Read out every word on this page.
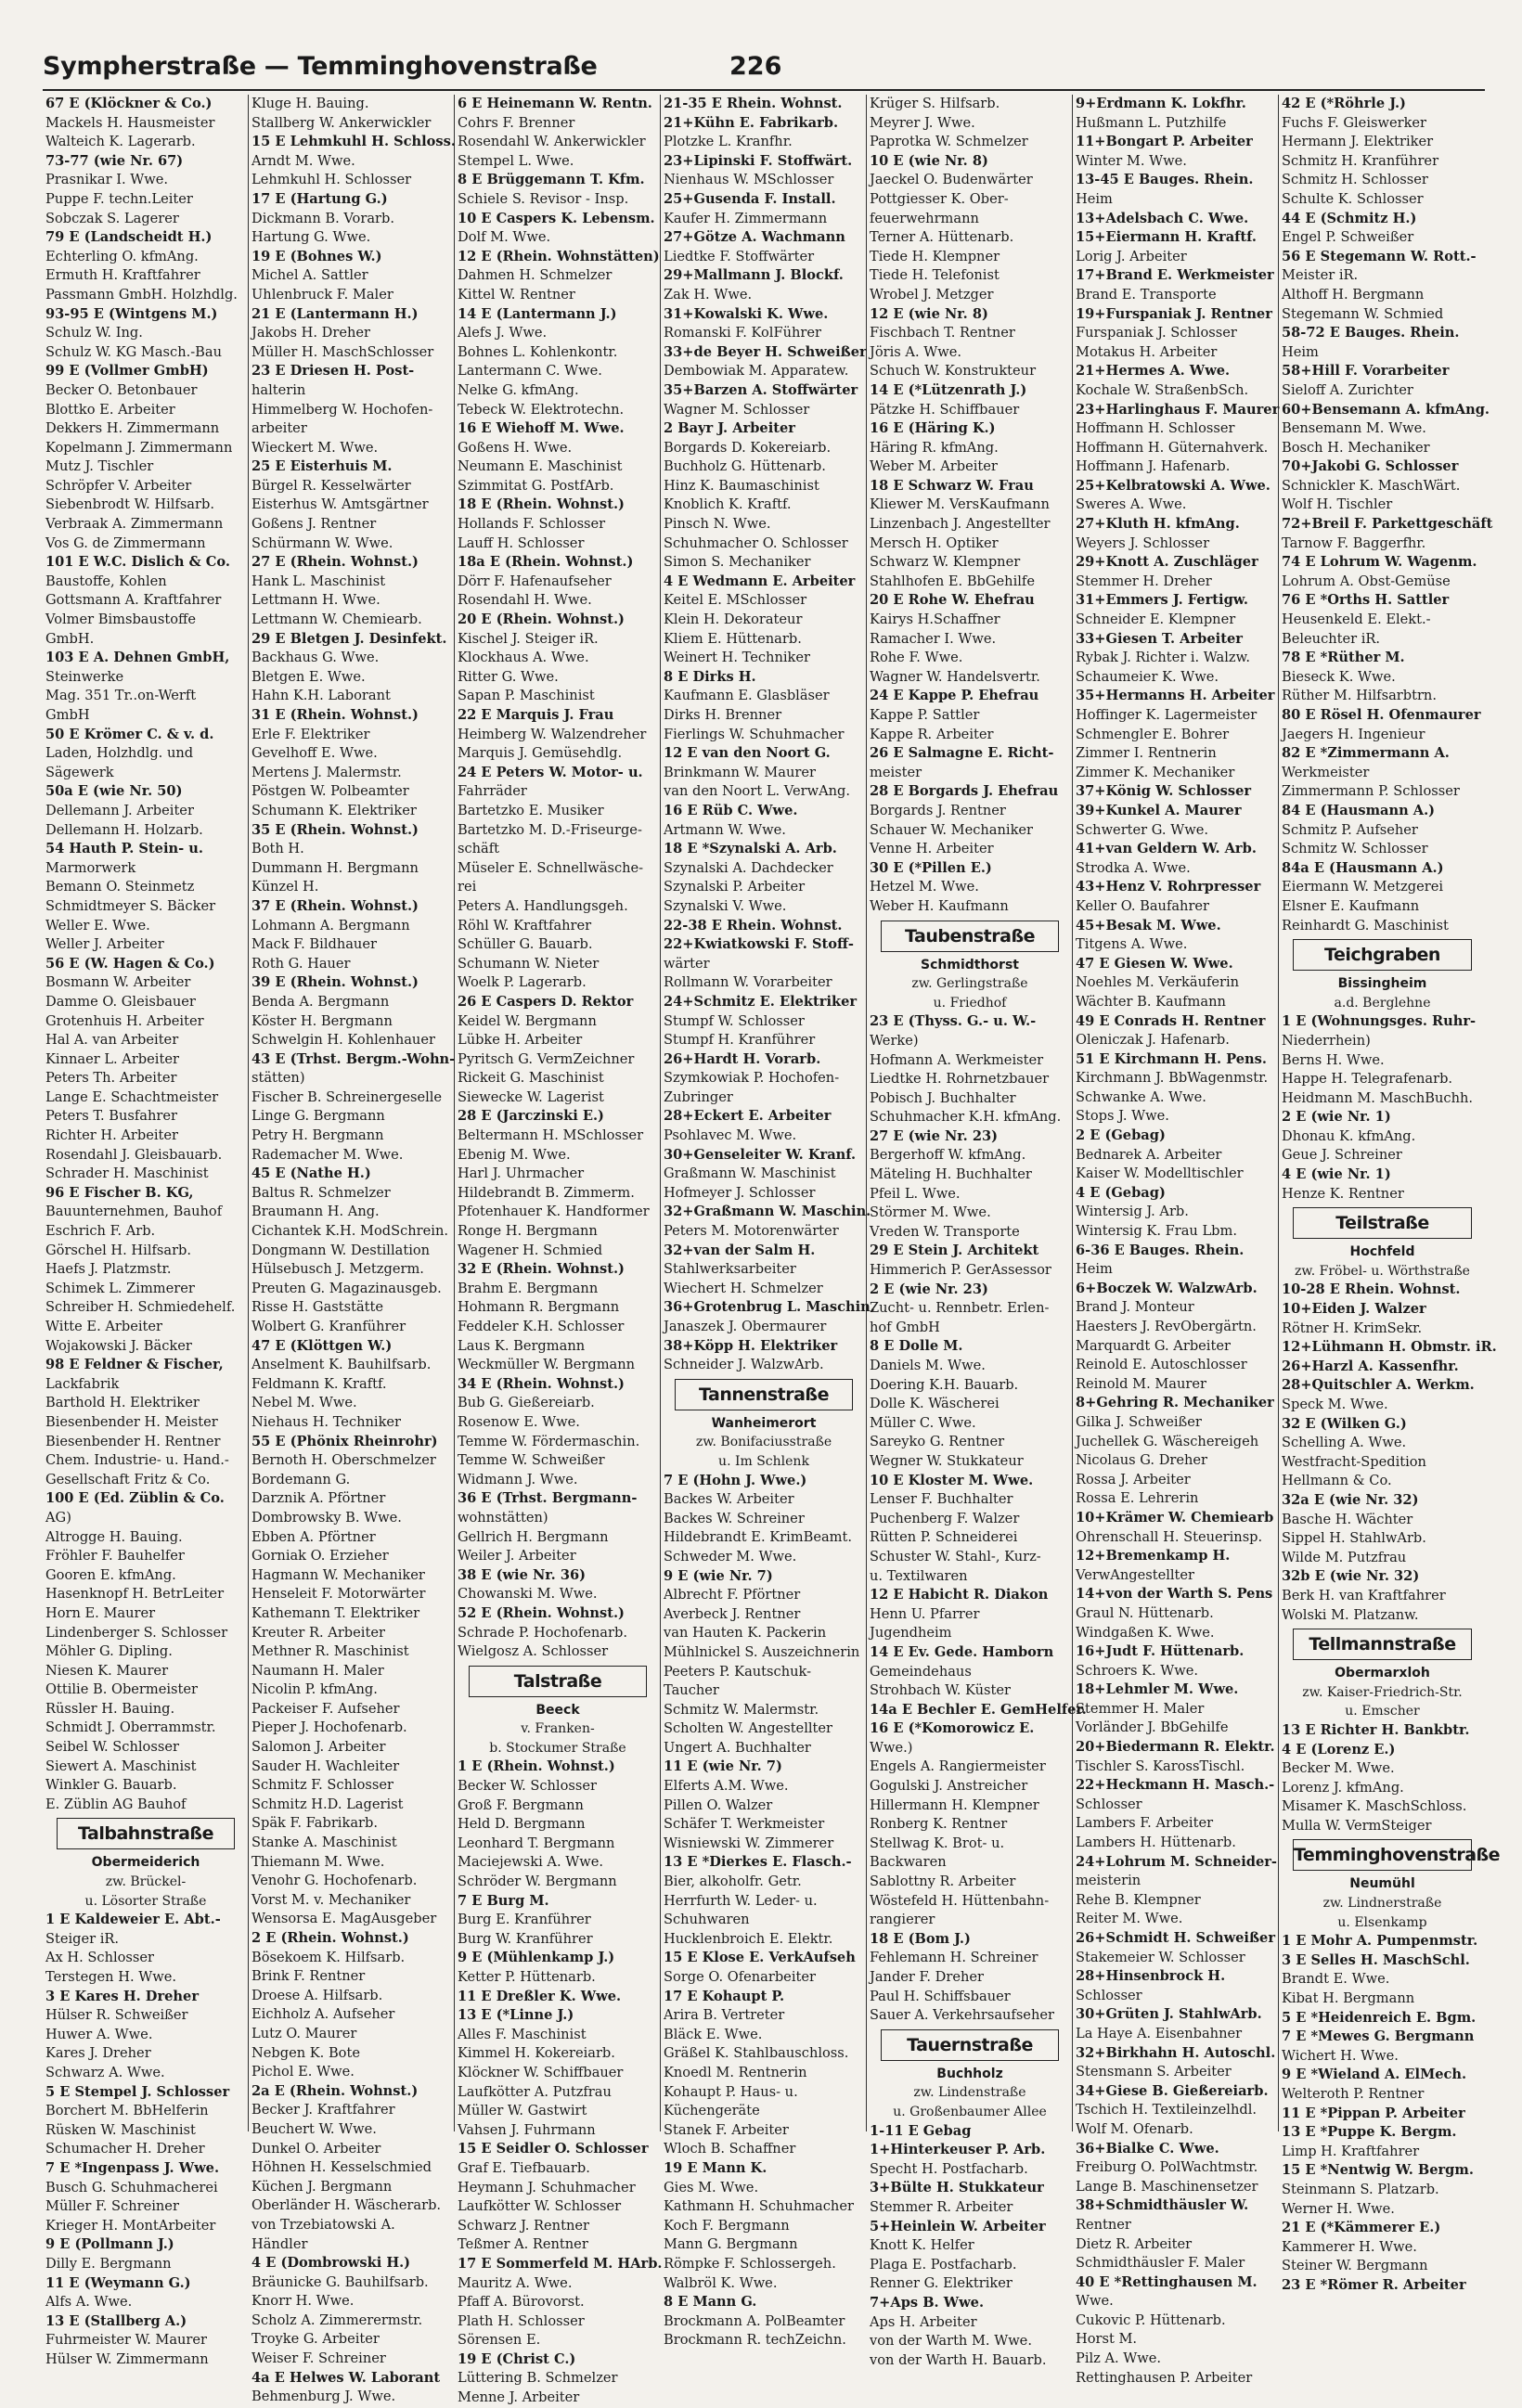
Sympherstraße — Temminghovenstraße	226
67 E (Klöckner & Co.)
Mackels H. Hausmeister
Walteich K. Lagerarb.
73-77 (wie Nr. 67)
Prasnikar I. Wwe.
Puppe F. techn.Leiter
Sobczak S. Lagerer
79 E (Landscheidt H.)
Echterling O. kfmAng.
Ermuth H. Kraftfahrer
Passmann GmbH. Holzhdlg.
93-95 E (Wintgens M.)
Schulz W. Ing.
Schulz W. KG Masch.-Bau
99 E (Vollmer GmbH)
Becker O. Betonbauer
Blottko E. Arbeiter
Dekkers H. Zimmermann
Kopelmann J. Zimmermann
Mutz J. Tischler
Schröpfer V. Arbeiter
Siebenbrodt W. Hilfsarb.
Verbraak A. Zimmermann
Vos G. de Zimmermann
101 E W.C. Dislich & Co.
Baustoffe, Kohlen
Gottsmann A. Kraftfahrer
Volmer Bimsbaustoffe
GmbH.
103 E A. Dehnen GmbH,
Steinwerke
Mag. 351 Tr..on-Werft
GmbH
50 E Krömer C. & v. d.
Laden, Holzhdlg. und
Sägewerk
50a E (wie Nr. 50)
Dellemann J. Arbeiter
Dellemann H. Holzarb.
54 Hauth P. Stein- u.
Marmorwerk
Bemann O. Steinmetz
Schmidtmeyer S. Bäcker
Weller E. Wwe.
Weller J. Arbeiter
56 E (W. Hagen & Co.)
Bosmann W. Arbeiter
Damme O. Gleisbauer
Grotenhuis H. Arbeiter
Hal A. van Arbeiter
Kinnaer L. Arbeiter
Peters Th. Arbeiter
Lange E. Schachtmeister
Peters T. Busfahrer
Richter H. Arbeiter
Rosendahl J. Gleisbauarb.
Schrader H. Maschinist
96 E Fischer B. KG,
Bauunternehmen, Bauhof
Eschrich F. Arb.
Görschel H. Hilfsarb.
Haefs J. Platzmstr.
Schimek L. Zimmerer
Schreiber H. Schmiedehelf.
Witte E. Arbeiter
Wojakowski J. Bäcker
98 E Feldner & Fischer,
Lackfabrik
Barthold H. Elektriker
Biesenbender H. Meister
Biesenbender H. Rentner
Chem. Industrie- u. Hand.-
Gesellschaft Fritz & Co.
100 E (Ed. Züblin & Co.
AG)
Altrogge H. Bauing.
Fröhler F. Bauhelfer
Gooren E. kfmAng.
Hasenknopf H. BetrLeiter
Horn E. Maurer
Lindenberger S. Schlosser
Möhler G. Dipling.
Niesen K. Maurer
Ottilie B. Obermeister
Rüssler H. Bauing.
Schmidt J. Oberrammstr.
Seibel W. Schlosser
Siewert A. Maschinist
Winkler G. Bauarb.
E. Züblin AG Bauhof
Talbahnstraße
Obermeiderich
zw. Brückel-
u. Lösorter Straße
1 E Kaldeweier E. Abt.-
Steiger iR.
Ax H. Schlosser
Terstegen H. Wwe.
3 E Kares H. Dreher
Hülser R. Schweißer
Huwer A. Wwe.
Kares J. Dreher
Schwarz A. Wwe.
5 E Stempel J. Schlosser
Borchert M. BbHelferin
Rüsken W. Maschinist
Schumacher H. Dreher
7 E *Ingenpass J. Wwe.
Busch G. Schuhmacherei
Müller F. Schreiner
Krieger H. MontArbeiter
9 E (Pollmann J.)
Dilly E. Bergmann
11 E (Weymann G.)
Alfs A. Wwe.
13 E (Stallberg A.)
Fuhrmeister W. Maurer
Hülser W. Zimmermann
Kluge H. Bauing.
Stallberg W. Ankerwickler
15 E Lehmkuhl H. Schloss.
Arndt M. Wwe.
Lehmkuhl H. Schlosser
17 E (Hartung G.)
Dickmann B. Vorarb.
Hartung G. Wwe.
19 E (Bohnes W.)
Michel A. Sattler
Uhlenbruck F. Maler
21 E (Lantermann H.)
Jakobs H. Dreher
Müller H. MaschSchlosser
23 E Driesen H. Post-
halterin
Himmelberg W. Hochofen-
arbeiter
Wieckert M. Wwe.
25 E Eisterhuis M.
Bürgel R. Kesselwärter
Eisterhus W. Amtsgärtner
Goßens J. Rentner
Schürmann W. Wwe.
27 E (Rhein. Wohnst.)
Hank L. Maschinist
Lettmann H. Wwe.
Lettmann W. Chemiearb.
29 E Bletgen J. Desinfekt.
Backhaus G. Wwe.
Bletgen E. Wwe.
Hahn K.H. Laborant
31 E (Rhein. Wohnst.)
Erle F. Elektriker
Gevelhoff E. Wwe.
Mertens J. Malermstr.
Pöstgen W. Polbeamter
Schumann K. Elektriker
35 E (Rhein. Wohnst.)
Both H.
Dummann H. Bergmann
Künzel H.
37 E (Rhein. Wohnst.)
Lohmann A. Bergmann
Mack F. Bildhauer
Roth G. Hauer
39 E (Rhein. Wohnst.)
Benda A. Bergmann
Köster H. Bergmann
Schwelgin H. Kohlenhauer
43 E (Trhst. Bergm.-Wohn-
stätten)
Fischer B. Schreinergeselle
Linge G. Bergmann
Petry H. Bergmann
Rademacher M. Wwe.
45 E (Nathe H.)
Baltus R. Schmelzer
Braumann H. Ang.
Cichantek K.H. ModSchrein.
Dongmann W. Destillation
Hülsebusch J. Metzgerm.
Preuten G. Magazinausgeb.
Risse H. Gaststätte
Wolbert G. Kranführer
47 E (Klöttgen W.)
Anselment K. Bauhilfsarb.
Feldmann K. Kraftf.
Nebel M. Wwe.
Niehaus H. Techniker
55 E (Phönix Rheinrohr)
Bernoth H. Oberschmelzer
Bordemann G.
Darznik A. Pförtner
Dombrowsky B. Wwe.
Ebben A. Pförtner
Gorniak O. Erzieher
Hagmann W. Mechaniker
Henseleit F. Motorwärter
Kathemann T. Elektriker
Kreuter R. Arbeiter
Methner R. Maschinist
Naumann H. Maler
Nicolin P. kfmAng.
Packeiser F. Aufseher
Pieper J. Hochofenarb.
Salomon J. Arbeiter
Sauder H. Wachleiter
Schmitz F. Schlosser
Schmitz H.D. Lagerist
Späk F. Fabrikarb.
Stanke A. Maschinist
Thiemann M. Wwe.
Venohr G. Hochofenarb.
Vorst M. v. Mechaniker
Wensorsa E. MagAusgeber
2 E (Rhein. Wohnst.)
Bösekoem K. Hilfsarb.
Brink F. Rentner
Droese A. Hilfsarb.
Eichholz A. Aufseher
Lutz O. Maurer
Nebgen K. Bote
Pichol E. Wwe.
2a E (Rhein. Wohnst.)
Becker J. Kraftfahrer
Beuchert W. Wwe.
Dunkel O. Arbeiter
Höhnen H. Kesselschmied
Küchen J. Bergmann
Oberländer H. Wäscherarb.
von Trzebiatowski A.
Händler
4 E (Dombrowski H.)
Bräunicke G. Bauhilfsarb.
Knorr H. Wwe.
Scholz A. Zimmerermstr.
Troyke G. Arbeiter
Weiser F. Schreiner
4a E Helwes W. Laborant
Behmenburg J. Wwe.
6 E Heinemann W. Rentn.
Cohrs F. Brenner
Rosendahl W. Ankerwickler
Stempel L. Wwe.
8 E Brüggemann T. Kfm.
Schiele S. Revisor - Insp.
10 E Caspers K. Lebensm.
Dolf M. Wwe.
12 E (Rhein. Wohnstätten)
Dahmen H. Schmelzer
Kittel W. Rentner
14 E (Lantermann J.)
Alefs J. Wwe.
Bohnes L. Kohlenkontr.
Lantermann C. Wwe.
Nelke G. kfmAng.
Tebeck W. Elektrotechn.
16 E Wiehoff M. Wwe.
Goßens H. Wwe.
Neumann E. Maschinist
Szimmitat G. PostfArb.
18 E (Rhein. Wohnst.)
Hollands F. Schlosser
Lauff H. Schlosser
18a E (Rhein. Wohnst.)
Dörr F. Hafenaufseher
Rosendahl H. Wwe.
20 E (Rhein. Wohnst.)
Kischel J. Steiger iR.
Klockhaus A. Wwe.
Ritter G. Wwe.
Sapan P. Maschinist
22 E Marquis J. Frau
Heimberg W. Walzendreher
Marquis J. Gemüsehdlg.
24 E Peters W. Motor- u.
Fahrräder
Bartetzko E. Musiker
Bartetzko M. D.-Friseurge-
schäft
Müseler E. Schnellwäsche-
rei
Peters A. Handlungsgeh.
Röhl W. Kraftfahrer
Schüller G. Bauarb.
Schumann W. Nieter
Woelk P. Lagerarb.
26 E Caspers D. Rektor
Keidel W. Bergmann
Lübke H. Arbeiter
Pyritsch G. VermZeichner
Rickeit G. Maschinist
Siewecke W. Lagerist
28 E (Jarczinski E.)
Beltermann H. MSchlosser
Ebenig M. Wwe.
Harl J. Uhrmacher
Hildebrandt B. Zimmerm.
Pfotenhauer K. Handformer
Ronge H. Bergmann
Wagener H. Schmied
32 E (Rhein. Wohnst.)
Brahm E. Bergmann
Hohmann R. Bergmann
Feddeler K.H. Schlosser
Laus K. Bergmann
Weckmüller W. Bergmann
34 E (Rhein. Wohnst.)
Bub G. Gießereiarb.
Rosenow E. Wwe.
Temme W. Fördermaschin.
Temme W. Schweißer
Widmann J. Wwe.
36 E (Trhst. Bergmann-
wohnstätten)
Gellrich H. Bergmann
Weiler J. Arbeiter
38 E (wie Nr. 36)
Chowanski M. Wwe.
52 E (Rhein. Wohnst.)
Schrade P. Hochofenarb.
Wielgosz A. Schlosser
Talstraße
Beeck
v. Franken-
b. Stockumer Straße
1 E (Rhein. Wohnst.)
Becker W. Schlosser
Groß F. Bergmann
Held D. Bergmann
Leonhard T. Bergmann
Maciejewski A. Wwe.
Schröder W. Bergmann
7 E Burg M.
Burg E. Kranführer
Burg W. Kranführer
9 E (Mühlenkamp J.)
Ketter P. Hüttenarb.
11 E Dreßler K. Wwe.
13 E (*Linne J.)
Alles F. Maschinist
Kimmel H. Kokereiarb.
Klöckner W. Schiffbauer
Laufkötter A. Putzfrau
Müller W. Gastwirt
Vahsen J. Fuhrmann
15 E Seidler O. Schlosser
Graf E. Tiefbauarb.
Heymann J. Schuhmacher
Laufkötter W. Schlosser
Schwarz J. Rentner
Teßmer A. Rentner
17 E Sommerfeld M. HArb.
Mauritz A. Wwe.
Pfaff A. Bürovorst.
Plath H. Schlosser
Sörensen E.
19 E (Christ C.)
Lüttering B. Schmelzer
Menne J. Arbeiter
21-35 E Rhein. Wohnst.
21+Kühn E. Fabrikarb.
Plotzke L. Kranfhr.
23+Lipinski F. Stoffwärt.
Nienhaus W. MSchlosser
25+Gusenda F. Install.
Kaufer H. Zimmermann
27+Götze A. Wachmann
Liedtke F. Stoffwärter
29+Mallmann J. Blockf.
Zak H. Wwe.
31+Kowalski K. Wwe.
Romanski F. KolFührer
33+de Beyer H. Schweißer
Dembowiak M. Apparatew.
35+Barzen A. Stoffwärter
Wagner M. Schlosser
2 Bayr J. Arbeiter
Borgards D. Kokereiarb.
Buchholz G. Hüttenarb.
Hinz K. Baumaschinist
Knoblich K. Kraftf.
Pinsch N. Wwe.
Schuhmacher O. Schlosser
Simon S. Mechaniker
4 E Wedmann E. Arbeiter
Keitel E. MSchlosser
Klein H. Dekorateur
Kliem E. Hüttenarb.
Weinert H. Techniker
8 E Dirks H.
Kaufmann E. Glasbläser
Dirks H. Brenner
Fierlings W. Schuhmacher
12 E van den Noort G.
Brinkmann W. Maurer
van den Noort L. VerwAng.
16 E Rüb C. Wwe.
Artmann W. Wwe.
18 E *Szynalski A. Arb.
Szynalski A. Dachdecker
Szynalski P. Arbeiter
Szynalski V. Wwe.
22-38 E Rhein. Wohnst.
22+Kwiatkowski F. Stoff-
wärter
Rollmann W. Vorarbeiter
24+Schmitz E. Elektriker
Stumpf W. Schlosser
Stumpf H. Kranführer
26+Hardt H. Vorarb.
Szymkowiak P. Hochofen-
Zubringer
28+Eckert E. Arbeiter
Psohlavec M. Wwe.
30+Genseleiter W. Kranf.
Graßmann W. Maschinist
Hofmeyer J. Schlosser
32+Graßmann W. Maschin.
Peters M. Motorenwärter
32+van der Salm H.
Stahlwerksarbeiter
Wiechert H. Schmelzer
36+Grotenbrug L. Maschin.
Janaszek J. Obermaurer
38+Köpp H. Elektriker
Schneider J. WalzwArb.
Tannenstraße
Wanheimerort
zw. Bonifaciusstraße
u. Im Schlenk
7 E (Hohn J. Wwe.)
Backes W. Arbeiter
Backes W. Schreiner
Hildebrandt E. KrimBeamt.
Schweder M. Wwe.
9 E (wie Nr. 7)
Albrecht F. Pförtner
Averbeck J. Rentner
van Hauten K. Packerin
Mühlnickel S. Auszeichnerin
Peeters P. Kautschuk-
Taucher
Schmitz W. Malermstr.
Scholten W. Angestellter
Ungert A. Buchhalter
11 E (wie Nr. 7)
Elferts A.M. Wwe.
Pillen O. Walzer
Schäfer T. Werkmeister
Wisniewski W. Zimmerer
13 E *Dierkes E. Flasch.-
Bier, alkoholfr. Getr.
Herrfurth W. Leder- u.
Schuhwaren
Hucklenbroich E. Elektr.
15 E Klose E. VerkAufseh
Sorge O. Ofenarbeiter
17 E Kohaupt P.
Arira B. Vertreter
Bläck E. Wwe.
Gräßel K. Stahlbauschloss.
Knoedl M. Rentnerin
Kohaupt P. Haus- u.
Küchengeräte
Stanek F. Arbeiter
Wloch B. Schaffner
19 E Mann K.
Gies M. Wwe.
Kathmann H. Schuhmacher
Koch F. Bergmann
Mann G. Bergmann
Römpke F. Schlossergeh.
Walbröl K. Wwe.
8 E Mann G.
Brockmann A. PolBeamter
Brockmann R. techZeichn.
Krüger S. Hilfsarb.
Meyrer J. Wwe.
Paprotka W. Schmelzer
10 E (wie Nr. 8)
Jaeckel O. Budenwärter
Pottgiesser K. Ober-
feuerwehrmann
Terner A. Hüttenarb.
Tiede H. Klempner
Tiede H. Telefonist
Wrobel J. Metzger
12 E (wie Nr. 8)
Fischbach T. Rentner
Jöris A. Wwe.
Schuch W. Konstrukteur
14 E (*Lützenrath J.)
Pätzke H. Schiffbauer
16 E (Häring K.)
Häring R. kfmAng.
Weber M. Arbeiter
18 E Schwarz W. Frau
Kliewer M. VersKaufmann
Linzenbach J. Angestellter
Mersch H. Optiker
Schwarz W. Klempner
Stahlhofen E. BbGehilfe
20 E Rohe W. Ehefrau
Kairys H.Schaffner
Ramacher I. Wwe.
Rohe F. Wwe.
Wagner W. Handelsvertr.
24 E Kappe P. Ehefrau
Kappe P. Sattler
Kappe R. Arbeiter
26 E Salmagne E. Richt-
meister
28 E Borgards J. Ehefrau
Borgards J. Rentner
Schauer W. Mechaniker
Venne H. Arbeiter
30 E (*Pillen E.)
Hetzel M. Wwe.
Weber H. Kaufmann
Taubenstraße
Schmidthorst
zw. Gerlingstraße
u. Friedhof
23 E (Thyss. G.- u. W.-
Werke)
Hofmann A. Werkmeister
Liedtke H. Rohrnetzbauer
Pobisch J. Buchhalter
Schuhmacher K.H. kfmAng.
27 E (wie Nr. 23)
Bergerhoff W. kfmAng.
Mäteling H. Buchhalter
Pfeil L. Wwe.
Störmer M. Wwe.
Vreden W. Transporte
29 E Stein J. Architekt
Himmerich P. GerAssessor
2 E (wie Nr. 23)
Zucht- u. Rennbetr. Erlen-
hof GmbH
8 E Dolle M.
Daniels M. Wwe.
Doering K.H. Bauarb.
Dolle K. Wäscherei
Müller C. Wwe.
Sareyko G. Rentner
Wegner W. Stukkateur
10 E Kloster M. Wwe.
Lenser F. Buchhalter
Puchenberg F. Walzer
Rütten P. Schneiderei
Schuster W. Stahl-, Kurz-
u. Textilwaren
12 E Habicht R. Diakon
Henn U. Pfarrer
Jugendheim
14 E Ev. Gede. Hamborn
Gemeindehaus
Strohbach W. Küster
14a E Bechler E. GemHelfer.
16 E (*Komorowicz E.
Wwe.)
Engels A. Rangiermeister
Gogulski J. Anstreicher
Hillermann H. Klempner
Ronberg K. Rentner
Stellwag K. Brot- u.
Backwaren
Sablottny R. Arbeiter
Wöstefeld H. Hüttenbahn-
rangierer
18 E (Bom J.)
Fehlemann H. Schreiner
Jander F. Dreher
Paul H. Schiffsbauer
Sauer A. Verkehrsaufseher
Tauernstraße
Buchholz
zw. Lindenstraße
u. Großenbaumer Allee
1-11 E Gebag
1+Hinterkeuser P. Arb.
Specht H. Postfacharb.
3+Bülte H. Stukkateur
Stemmer R. Arbeiter
5+Heinlein W. Arbeiter
Knott K. Helfer
Plaga E. Postfacharb.
Renner G. Elektriker
7+Aps B. Wwe.
Aps H. Arbeiter
von der Warth M. Wwe.
von der Warth H. Bauarb.
9+Erdmann K. Lokfhr.
Hußmann L. Putzhilfe
11+Bongart P. Arbeiter
Winter M. Wwe.
13-45 E Bauges. Rhein.
Heim
13+Adelsbach C. Wwe.
15+Eiermann H. Kraftf.
Lorig J. Arbeiter
17+Brand E. Werkmeister
Brand E. Transporte
19+Furspaniak J. Rentner
Furspaniak J. Schlosser
Motakus H. Arbeiter
21+Hermes A. Wwe.
Kochale W. StraßenbSch.
23+Harlinghaus F. Maurer
Hoffmann H. Schlosser
Hoffmann H. Güternahverk.
Hoffmann J. Hafenarb.
25+Kelbratowski A. Wwe.
Sweres A. Wwe.
27+Kluth H. kfmAng.
Weyers J. Schlosser
29+Knott A. Zuschläger
Stemmer H. Dreher
31+Emmers J. Fertigw.
Schneider E. Klempner
33+Giesen T. Arbeiter
Rybak J. Richter i. Walzw.
Schaumeier K. Wwe.
35+Hermanns H. Arbeiter
Hoffinger K. Lagermeister
Schmengler E. Bohrer
Zimmer I. Rentnerin
Zimmer K. Mechaniker
37+König W. Schlosser
39+Kunkel A. Maurer
Schwerter G. Wwe.
41+van Geldern W. Arb.
Strodka A. Wwe.
43+Henz V. Rohrpresser
Keller O. Baufahrer
45+Besak M. Wwe.
Titgens A. Wwe.
47 E Giesen W. Wwe.
Noehles M. Verkäuferin
Wächter B. Kaufmann
49 E Conrads H. Rentner
Oleniczak J. Hafenarb.
51 E Kirchmann H. Pens.
Kirchmann J. BbWagenmstr.
Schwanke A. Wwe.
Stops J. Wwe.
2 E (Gebag)
Bednarek A. Arbeiter
Kaiser W. Modelltischler
4 E (Gebag)
Wintersig J. Arb.
Wintersig K. Frau Lbm.
6-36 E Bauges. Rhein.
Heim
6+Boczek W. WalzwArb.
Brand J. Monteur
Haesters J. RevObergärtn.
Marquardt G. Arbeiter
Reinold E. Autoschlosser
Reinold M. Maurer
8+Gehring R. Mechaniker
Gilka J. Schweißer
Juchellek G. Wäschereigeh
Nicolaus G. Dreher
Rossa J. Arbeiter
Rossa E. Lehrerin
10+Krämer W. Chemiearb
Ohrenschall H. Steuerinsp.
12+Bremenkamp H.
VerwAngestellter
14+von der Warth S. Pens
Graul N. Hüttenarb.
Windgaßen K. Wwe.
16+Judt F. Hüttenarb.
Schroers K. Wwe.
18+Lehmler M. Wwe.
Stemmer H. Maler
Vorländer J. BbGehilfe
20+Biedermann R. Elektr.
Tischler S. KarossTischl.
22+Heckmann H. Masch.-
Schlosser
Lambers F. Arbeiter
Lambers H. Hüttenarb.
24+Lohrum M. Schneider-
meisterin
Rehe B. Klempner
Reiter M. Wwe.
26+Schmidt H. Schweißer
Stakemeier W. Schlosser
28+Hinsenbrock H.
Schlosser
30+Grüten J. StahlwArb.
La Haye A. Eisenbahner
32+Birkhahn H. Autoschl.
Stensmann S. Arbeiter
34+Giese B. Gießereiarb.
Tschich H. Textileinzelhdl.
Wolf M. Ofenarb.
36+Bialke C. Wwe.
Freiburg O. PolWachtmstr.
Lange B. Maschinensetzer
38+Schmidthäusler W.
Rentner
Dietz R. Arbeiter
Schmidthäusler F. Maler
40 E *Rettinghausen M.
Wwe.
Cukovic P. Hüttenarb.
Horst M.
Pilz A. Wwe.
Rettinghausen P. Arbeiter
42 E (*Röhrle J.)
Fuchs F. Gleiswerker
Hermann J. Elektriker
Schmitz H. Kranführer
Schmitz H. Schlosser
Schulte K. Schlosser
44 E (Schmitz H.)
Engel P. Schweißer
56 E Stegemann W. Rott.-
Meister iR.
Althoff H. Bergmann
Stegemann W. Schmied
58-72 E Bauges. Rhein.
Heim
58+Hill F. Vorarbeiter
Sieloff A. Zurichter
60+Bensemann A. kfmAng.
Bensemann M. Wwe.
Bosch H. Mechaniker
70+Jakobi G. Schlosser
Schnickler K. MaschWärt.
Wolf H. Tischler
72+Breil F. Parkettgeschäft
Tarnow F. Baggerfhr.
74 E Lohrum W. Wagenm.
Lohrum A. Obst-Gemüse
76 E *Orths H. Sattler
Heusenkeld E. Elekt.-
Beleuchter iR.
78 E *Rüther M.
Bieseck K. Wwe.
Rüther M. Hilfsarbtrn.
80 E Rösel H. Ofenmaurer
Jaegers H. Ingenieur
82 E *Zimmermann A.
Werkmeister
Zimmermann P. Schlosser
84 E (Hausmann A.)
Schmitz P. Aufseher
Schmitz W. Schlosser
84a E (Hausmann A.)
Eiermann W. Metzgerei
Elsner E. Kaufmann
Reinhardt G. Maschinist
Teichgraben
Bissingheim
a.d. Berglehne
1 E (Wohnungsges. Ruhr-
Niederrhein)
Berns H. Wwe.
Happe H. Telegrafenarb.
Heidmann M. MaschBuchh.
2 E (wie Nr. 1)
Dhonau K. kfmAng.
Geue J. Schreiner
4 E (wie Nr. 1)
Henze K. Rentner
Teilstraße
Hochfeld
zw. Fröbel- u. Wörthstraße
10-28 E Rhein. Wohnst.
10+Eiden J. Walzer
Rötner H. KrimSekr.
12+Lühmann H. Obmstr. iR.
26+Harzl A. Kassenfhr.
28+Quitschler A. Werkm.
Speck M. Wwe.
32 E (Wilken G.)
Schelling A. Wwe.
Westfracht-Spedition
Hellmann & Co.
32a E (wie Nr. 32)
Basche H. Wächter
Sippel H. StahlwArb.
Wilde M. Putzfrau
32b E (wie Nr. 32)
Berk H. van Kraftfahrer
Wolski M. Platzanw.
Tellmannstraße
Obermarxloh
zw. Kaiser-Friedrich-Str.
u. Emscher
13 E Richter H. Bankbtr.
4 E (Lorenz E.)
Becker M. Wwe.
Lorenz J. kfmAng.
Misamer K. MaschSchloss.
Mulla W. VermSteiger
Temminghovenstraße
Neumühl
zw. Lindnerstraße
u. Elsenkamp
1 E Mohr A. Pumpenmstr.
3 E Selles H. MaschSchl.
Brandt E. Wwe.
Kibat H. Bergmann
5 E *Heidenreich E. Bgm.
7 E *Mewes G. Bergmann
Wichert H. Wwe.
9 E *Wieland A. ElMech.
Welteroth P. Rentner
11 E *Pippan P. Arbeiter
13 E *Puppe K. Bergm.
Limp H. Kraftfahrer
15 E *Nentwig W. Bergm.
Steinmann S. Platzarb.
Werner H. Wwe.
21 E (*Kämmerer E.)
Kammerer H. Wwe.
Steiner W. Bergmann
23 E *Römer R. Arbeiter
